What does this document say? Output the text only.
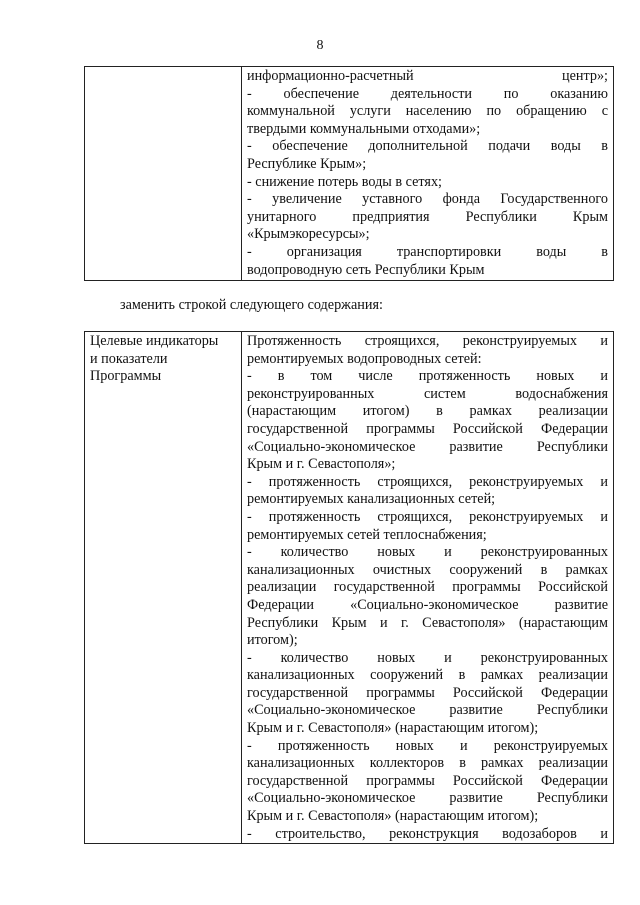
8

информационно-расчетный центр»;
- обеспечение деятельности по оказанию
коммунальной услуги населению по обращению с
твердыми коммунальными отходами»;
- обеспечение дополнительной подачи воды в
Республике Крым»;
- снижение потерь воды в сетях;
- увеличение уставного фонда Государственного
унитарного предприятия Республики Крым
«Крымэкоресурсы»;
- организация транспортировки воды в
водопроводную сеть Республики Крым
заменить строкой следующего содержания:
Целевые индикаторы
и показатели
Программы

Протяженность строящихся, реконструируемых и
ремонтируемых водопроводных сетей:
- в том числе протяженность новых и
реконструированных систем водоснабжения
(нарастающим итогом) в рамках реализации
государственной программы Российской Федерации
«Социально-экономическое развитие Республики
Крым и г. Севастополя»;
- протяженность строящихся, реконструируемых и
ремонтируемых канализационных сетей;
- протяженность строящихся, реконструируемых и
ремонтируемых сетей теплоснабжения;
- количество новых и реконструированных
канализационных очистных сооружений в рамках
реализации государственной программы Российской
Федерации «Социально-экономическое развитие
Республики Крым и г. Севастополя» (нарастающим
итогом);
- количество новых и реконструированных
канализационных сооружений в рамках реализации
государственной программы Российской Федерации
«Социально-экономическое развитие Республики
Крым и г. Севастополя» (нарастающим итогом);
- протяженность новых и реконструируемых
канализационных коллекторов в рамках реализации
государственной программы Российской Федерации
«Социально-экономическое развитие Республики
Крым и г. Севастополя» (нарастающим итогом);
- строительство, реконструкция водозаборов и
